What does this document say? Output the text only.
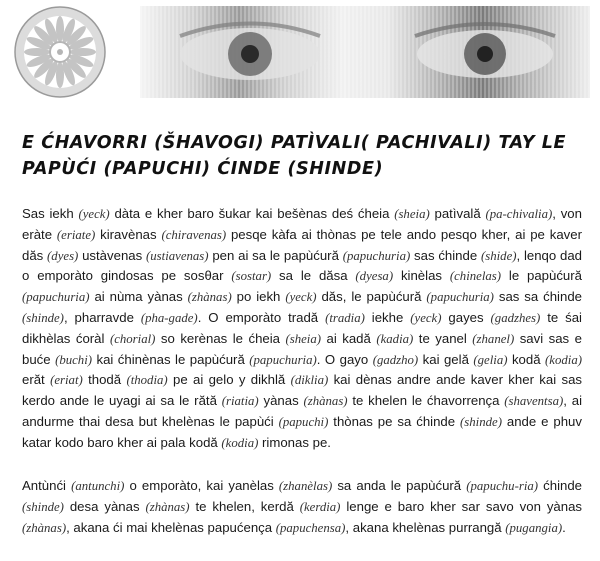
E ĆHAVORRI (ŠHAVOGI) PATÌVALI( PACHIVALI) TAY LE PAPÙĆI (PAPUCHI) ĆINDE (SHINDE)

Sas iekh (yeck) dàta e kher baro šukar kai bešènas deś ćheia (sheia) patìvală (pa-chivalia), von eràte (eriate) kiravènas (chiravenas) pesqe kàfa ai thònas pe tele ando pesqo kher, ai pe kaver dăs (dyes) ustàvenas (ustiavenas) pen ai sa le papùćură (papuchuria) sas ćhinde (shide), lenqo dad o emporàto gindosas pe sosθar (sostar) sa le dăsa (dyesa) kinèlas (chinelas) le papùćură (papuchuria) ai nùma yànas (zhànas) po iekh (yeck) dăs, le papùćură (papuchuria) sas sa ćhinde (shinde), pharravde (pha-gade). O emporàto tradă (tradia) iekhe (yeck) gayes (gadzhes) te śai dikhèlas ćoràl (chorial) so kerènas le ćheia (sheia) ai kadă (kadia) te yanel (zhanel) savi sas e buće (buchi) kai ćhinènas le papùćură (papuchuria). O gayo (gadzho) kai gelă (gelia) kodă (kodia) erăt (eriat) thodă (thodia) pe ai gelo y dikhlă (diklia) kai dènas andre ande kaver kher kai sas kerdo ande le uyagi ai sa le rătă (riatia) yànas (zhànas) te khelen le ćhavorrença (shaventsa), ai andurme thai desa but khelènas le papùći (papuchi) thònas pe sa ćhinde (shinde) ande e phuv katar kodo baro kher ai pala kodă (kodia) rimonas pe.

Antùnći (antunchi) o emporàto, kai yanèlas (zhanèlas) sa anda le papùćură (papuchu-ria) ćhinde (shinde) desa yànas (zhànas) te khelen, kerdă (kerdia) lenge e baro kher sar savo von yànas (zhànas), akana ći mai khelènas papućença (papuchensa), akana khelènas purrangă (pugangia).
